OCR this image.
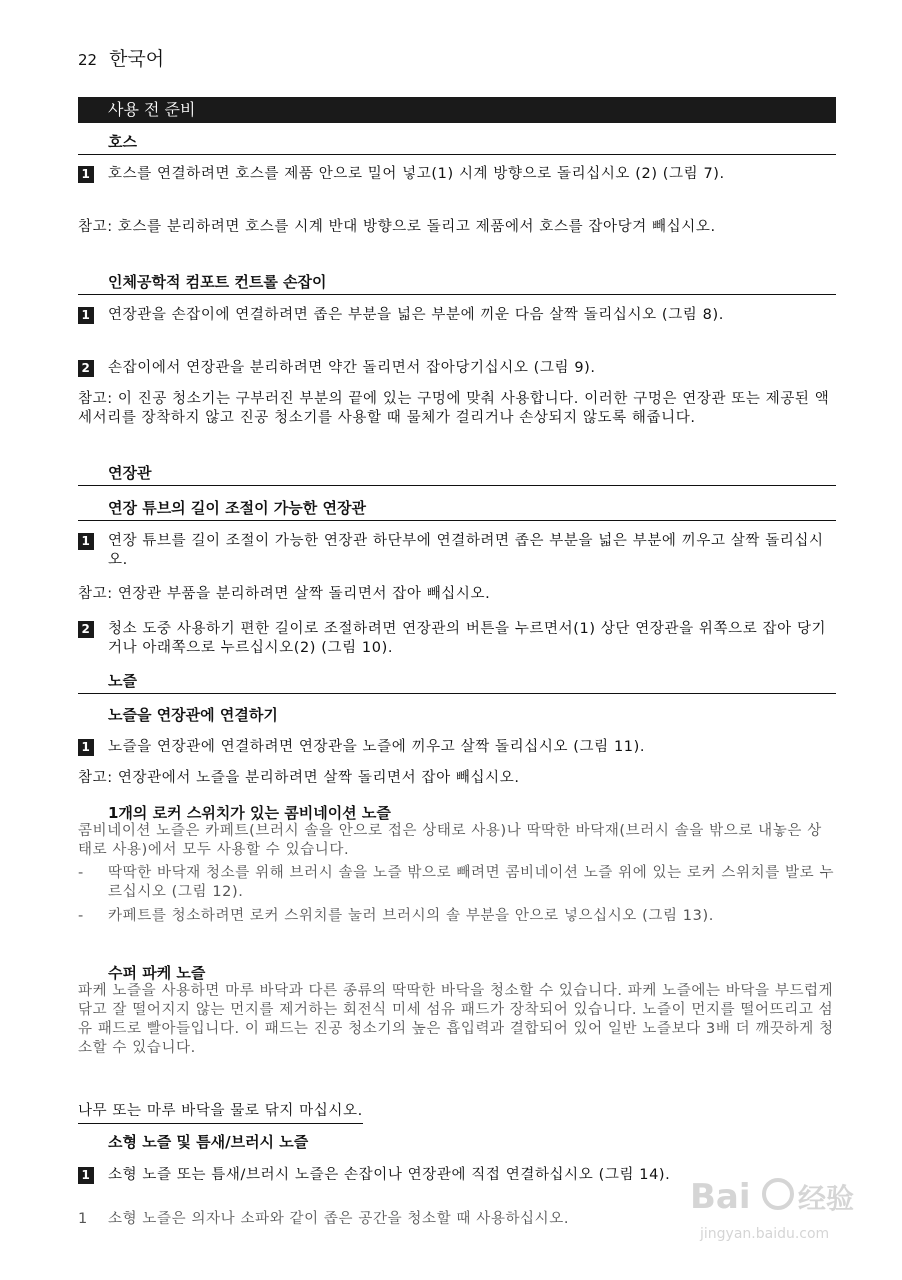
22 한국어
사용 전 준비
호스
1 호스를 연결하려면 호스를 제품 안으로 밀어 넣고(1) 시계 방향으로 돌리십시오 (2) (그림 7).
참고: 호스를 분리하려면 호스를 시계 반대 방향으로 돌리고 제품에서 호스를 잡아당겨 빼십시오.
인체공학적 컴포트 컨트롤 손잡이
1 연장관을 손잡이에 연결하려면 좁은 부분을 넓은 부분에 끼운 다음 살짝 돌리십시오 (그림 8).
2 손잡이에서 연장관을 분리하려면 약간 돌리면서 잡아당기십시오 (그림 9).
참고: 이 진공 청소기는 구부러진 부분의 끝에 있는 구멍에 맞춰 사용합니다. 이러한 구멍은 연장관 또는 제공된 액세서리를 장착하지 않고 진공 청소기를 사용할 때 물체가 걸리거나 손상되지 않도록 해줍니다.
연장관
연장 튜브의 길이 조절이 가능한 연장관
1 연장 튜브를 길이 조절이 가능한 연장관 하단부에 연결하려면 좁은 부분을 넓은 부분에 끼우고 살짝 돌리십시오.
참고: 연장관 부품을 분리하려면 살짝 돌리면서 잡아 빼십시오.
2 청소 도중 사용하기 편한 길이로 조절하려면 연장관의 버튼을 누르면서(1) 상단 연장관을 위쪽으로 잡아 당기거나 아래쪽으로 누르십시오(2) (그림 10).
노즐
노즐을 연장관에 연결하기
1 노즐을 연장관에 연결하려면 연장관을 노즐에 끼우고 살짝 돌리십시오 (그림 11).
참고: 연장관에서 노즐을 분리하려면 살짝 돌리면서 잡아 빼십시오.
1개의 로커 스위치가 있는 콤비네이션 노즐
콤비네이션 노즐은 카페트(브러시 솔을 안으로 접은 상태로 사용)나 딱딱한 바닥재(브러시 솔을 밖으로 내놓은 상태로 사용)에서 모두 사용할 수 있습니다.
- 딱딱한 바닥재 청소를 위해 브러시 솔을 노즐 밖으로 빼려면 콤비네이션 노즐 위에 있는 로커 스위치를 발로 누르십시오 (그림 12).
- 카페트를 청소하려면 로커 스위치를 눌러 브러시의 솔 부분을 안으로 넣으십시오 (그림 13).
수퍼 파케 노즐
파케 노즐을 사용하면 마루 바닥과 다른 종류의 딱딱한 바닥을 청소할 수 있습니다. 파케 노즐에는 바닥을 부드럽게 닦고 잘 떨어지지 않는 먼지를 제거하는 회전식 미세 섬유 패드가 장착되어 있습니다. 노즐이 먼지를 떨어뜨리고 섬유 패드로 빨아들입니다. 이 패드는 진공 청소기의 높은 흡입력과 결합되어 있어 일반 노즐보다 3배 더 깨끗하게 청소할 수 있습니다.
나무 또는 마루 바닥을 물로 닦지 마십시오.
소형 노즐 및 틈새/브러시 노즐
1 소형 노즐 또는 틈새/브러시 노즐은 손잡이나 연장관에 직접 연결하십시오 (그림 14).
1 소형 노즐은 의자나 소파와 같이 좁은 공간을 청소할 때 사용하십시오.
Bai 经验
jingyan.baidu.com
